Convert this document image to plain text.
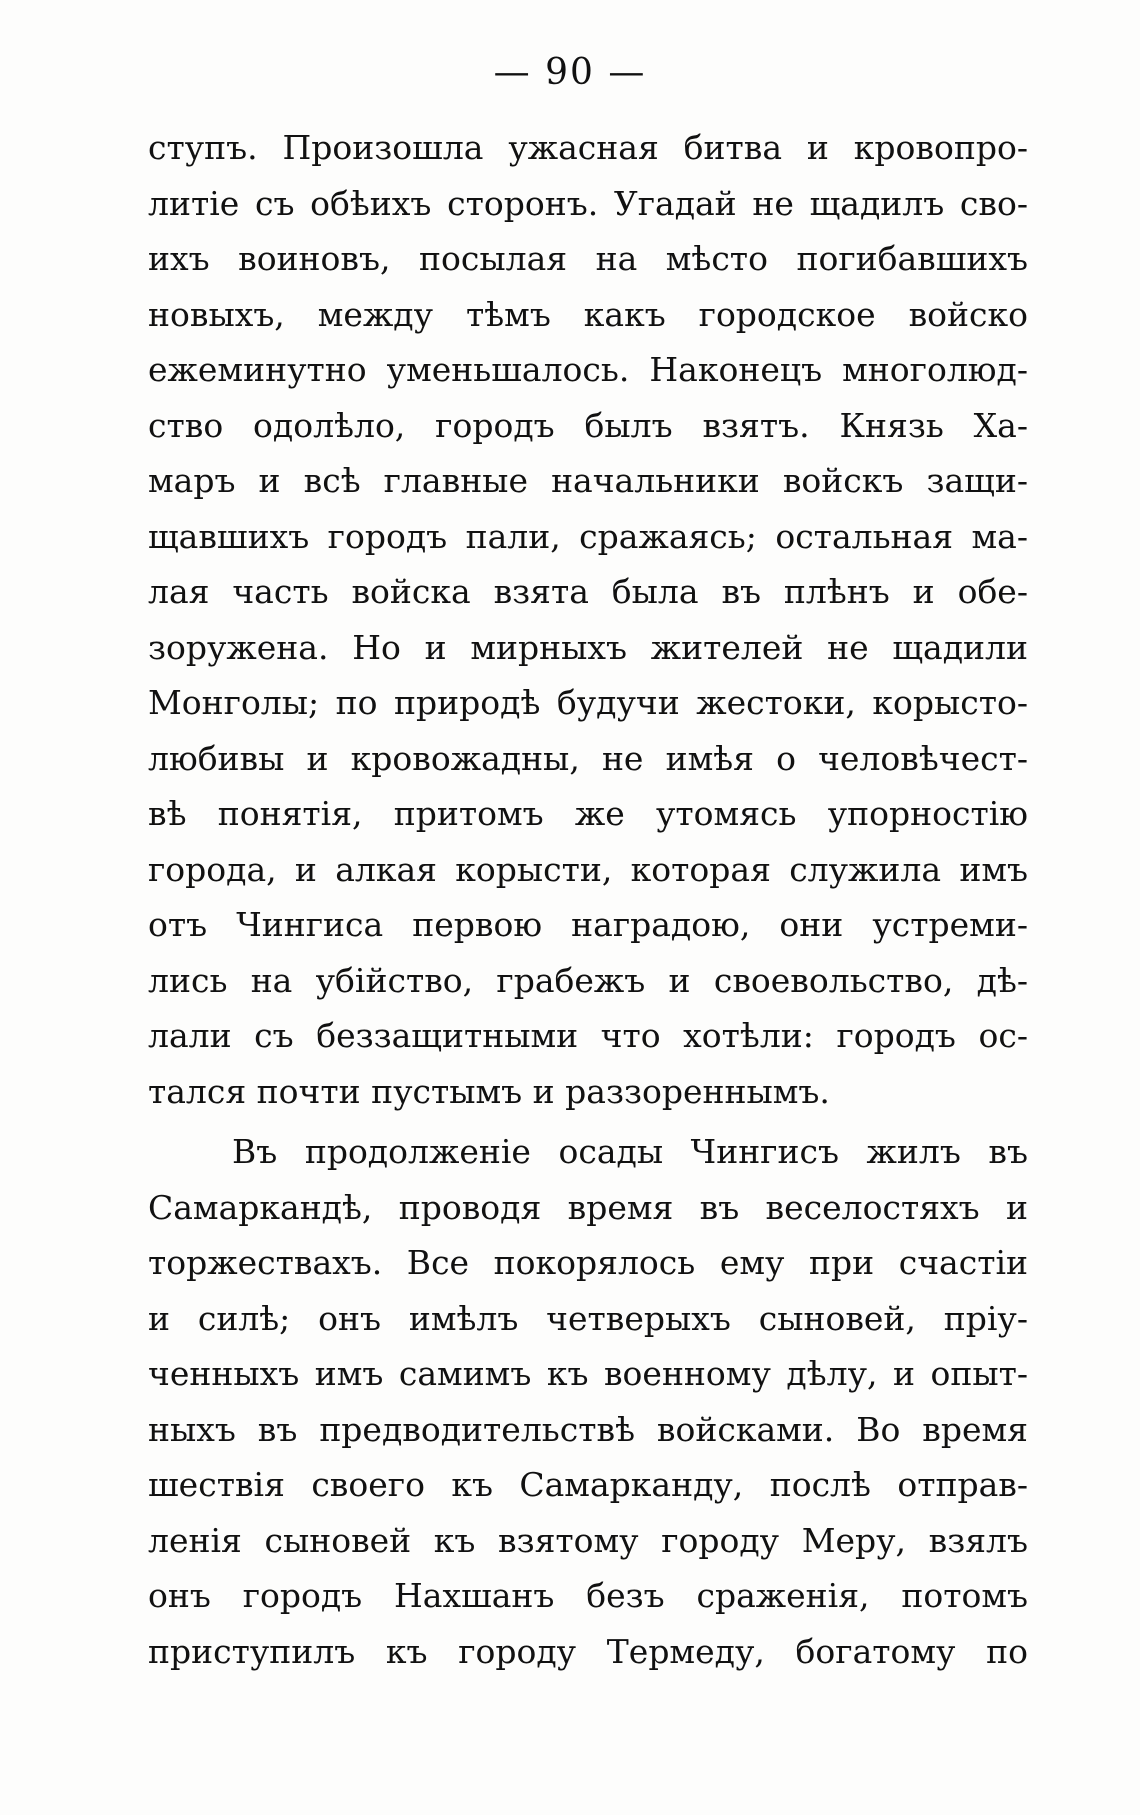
— 90 —
ступъ. Произошла ужасная битва и кровопро-
литіе съ обѣихъ сторонъ. Угадай не щадилъ сво-
ихъ воиновъ, посылая на мѣсто погибавшихъ
новыхъ, между тѣмъ какъ городское войско
ежеминутно уменьшалось. Наконецъ многолюд-
ство одолѣло, городъ былъ взятъ. Князь Ха-
маръ и всѣ главные начальники войскъ защи-
щавшихъ городъ пали, сражаясь; остальная ма-
лая часть войска взята была въ плѣнъ и обе-
зоружена. Но и мирныхъ жителей не щадили
Монголы; по природѣ будучи жестоки, корысто-
любивы и кровожадны, не имѣя о человѣчест-
вѣ понятія, притомъ же утомясь упорностію
города, и алкая корысти, которая служила имъ
отъ Чингиса первою наградою, они устреми-
лись на убійство, грабежъ и своевольство, дѣ-
лали съ беззащитными что хотѣли: городъ ос-
тался почти пустымъ и раззореннымъ.
Въ продолженіе осады Чингисъ жилъ въ
Самаркандѣ, проводя время въ веселостяхъ и
торжествахъ. Все покорялось ему при счастіи
и силѣ; онъ имѣлъ четверыхъ сыновей, пріу-
ченныхъ имъ самимъ къ военному дѣлу, и опыт-
ныхъ въ предводительствѣ войсками. Во время
шествія своего къ Самарканду, послѣ отправ-
ленія сыновей къ взятому городу Меру, взялъ
онъ городъ Нахшанъ безъ сраженія, потомъ
приступилъ къ городу Термеду, богатому по
